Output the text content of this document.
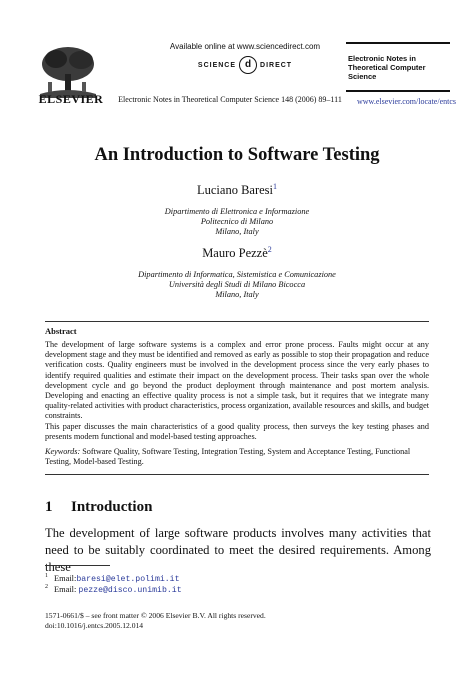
ELSEVIER
Available online at www.sciencedirect.com
SCIENCE d DIRECT
Electronic Notes in Theoretical Computer Science 148 (2006) 89–111
Electronic Notes in
Theoretical Computer
Science
www.elsevier.com/locate/entcs
An Introduction to Software Testing
Luciano Baresi$^1$
Dipartimento di Elettronica e Informazione
Politecnico di Milano
Milano, Italy
Mauro Pezzè$^2$
Dipartimento di Informatica, Sistemistica e Comunicazione
Università degli Studi di Milano Bicocca
Milano, Italy
Abstract

The development of large software systems is a complex and error prone process. Faults might occur at any development stage and they must be identified and removed as early as possible to stop their propagation and reduce verification costs. Quality engineers must be involved in the development process since the very early phases to identify required qualities and estimate their impact on the development process. Their tasks span over the whole development cycle and go beyond the product deployment through maintenance and post mortem analysis. Developing and enacting an effective quality process is not a simple task, but it requires that we integrate many quality-related activities with product characteristics, process organization, available resources and skills, and budget constraints.

This paper discusses the main characteristics of a good quality process, then surveys the key testing phases and presents modern functional and model-based testing approaches.

Keywords: Software Quality, Software Testing, Integration Testing, System and Acceptance Testing, Functional Testing, Model-based Testing.
1 Introduction
The development of large software products involves many activities that need to be suitably coordinated to meet the desired requirements. Among these
$^1$ Email:baresi@elet.polimi.it
$^2$ Email: pezze@disco.unimib.it
1571-0661/$ – see front matter © 2006 Elsevier B.V. All rights reserved.
doi:10.1016/j.entcs.2005.12.014
